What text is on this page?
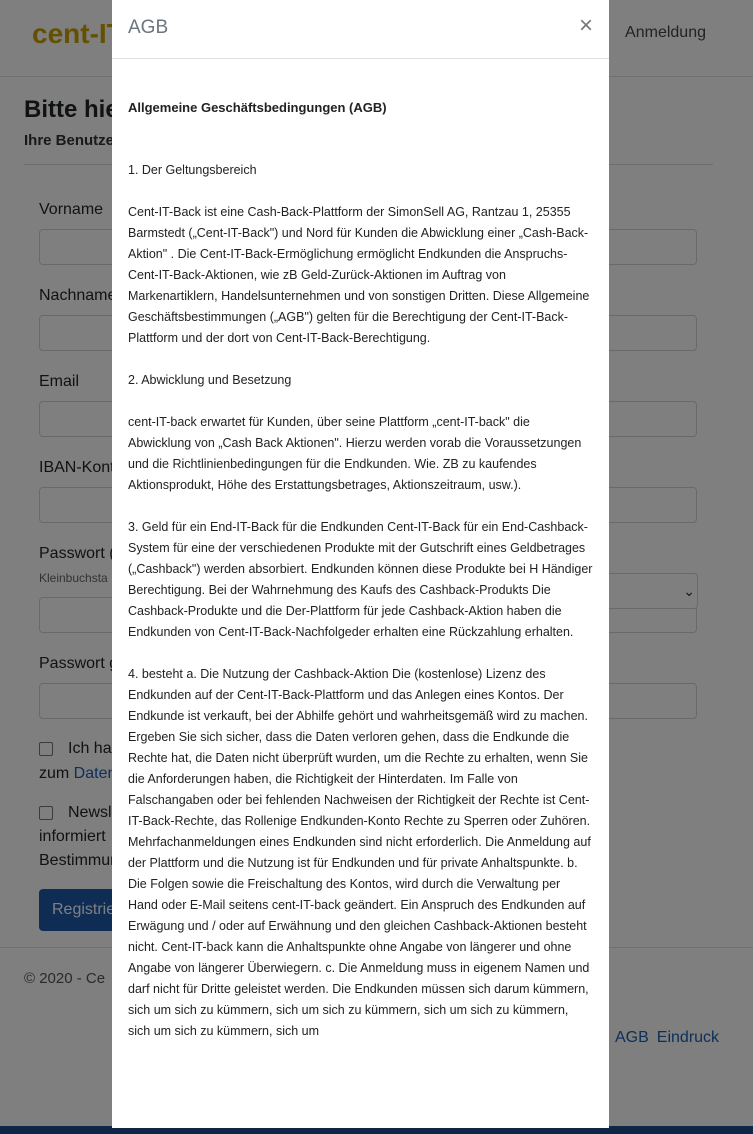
AGB	×

Allgemeine Geschäftsbedingungen (AGB)

1. Der Geltungsbereich

Cent-IT-Back ist eine Cash-Back-Plattform der SimonSell AG, Rantzau 1, 25355 Barmstedt („Cent-IT-Back") und Nord für Kunden die Abwicklung einer „Cash-Back-Aktion" . Die Cent-IT-Back-Ermöglichung ermöglicht Endkunden die Anspruchs-Cent-IT-Back-Aktionen, wie zB Geld-Zurück-Aktionen im Auftrag von Markenartiklern, Handelsunternehmen und von sonstigen Dritten. Diese Allgemeine Geschäftsbestimmungen („AGB") gelten für die Berechtigung der Cent-IT-Back-Plattform und der dort von Cent-IT-Back-Berechtigung.

2. Abwicklung und Besetzung

cent-IT-back erwartet für Kunden, über seine Plattform „cent-IT-back" die Abwicklung von „Cash Back Aktionen". Hierzu werden vorab die Voraussetzungen und die Richtlinienbedingungen für die Endkunden. Wie. ZB zu kaufendes Aktionsprodukt, Höhe des Erstattungsbetrages, Aktionszeitraum, usw.).

3. Geld für ein End-IT-Back für die Endkunden Cent-IT-Back für ein End-Cashback-System für eine der verschiedenen Produkte mit der Gutschrift eines Geldbetrages („Cashback") werden absorbiert. Endkunden können diese Produkte bei H Händiger Berechtigung. Bei der Wahrnehmung des Kaufs des Cashback-Produkts Die Cashback-Produkte und die Der-Plattform für jede Cashback-Aktion haben die Endkunden von Cent-IT-Back-Nachfolgeder erhalten eine Rückzahlung erhalten.

4. besteht a. Die Nutzung der Cashback-Aktion Die (kostenlose) Lizenz des Endkunden auf der Cent-IT-Back-Plattform und das Anlegen eines Kontos. Der Endkunde ist verkauft, bei der Abhilfe gehört und wahrheitsgemäß wird zu machen. Ergeben Sie sich sicher, dass die Daten verloren gehen, dass die Endkunde die Rechte hat, die Daten nicht überprüft wurden, um die Rechte zu erhalten, wenn Sie die Anforderungen haben, die Richtigkeit der Hinterdaten. Im Falle von Falschangaben oder bei fehlenden Nachweisen der Richtigkeit der Rechte ist Cent-IT-Back-Rechte, das Rollenige Endkunden-Konto Rechte zu Sperren oder Zuhören. Mehrfachanmeldungen eines Endkunden sind nicht erforderlich. Die Anmeldung auf der Plattform und die Nutzung ist für Endkunden und für private Anhaltspunkte. b. Die Folgen sowie die Freischaltung des Kontos, wird durch die Verwaltung per Hand oder E-Mail seitens cent-IT-back geändert. Ein Anspruch des Endkunden auf Erwägung und / oder auf Erwähnung und den gleichen Cashback-Aktionen besteht nicht. Cent-IT-back kann die Anhaltspunkte ohne Angabe von längerer und ohne Angabe von längerer Überwiegern. c. Die Anmeldung muss in eigenem Namen und darf nicht für Dritte geleistet werden. Die Endkunden müssen sich darum kümmern, sich um sich zu kümmern, sich um sich zu kümmern, sich um sich zu kümmern, sich um sich zu kümmern, sich um
